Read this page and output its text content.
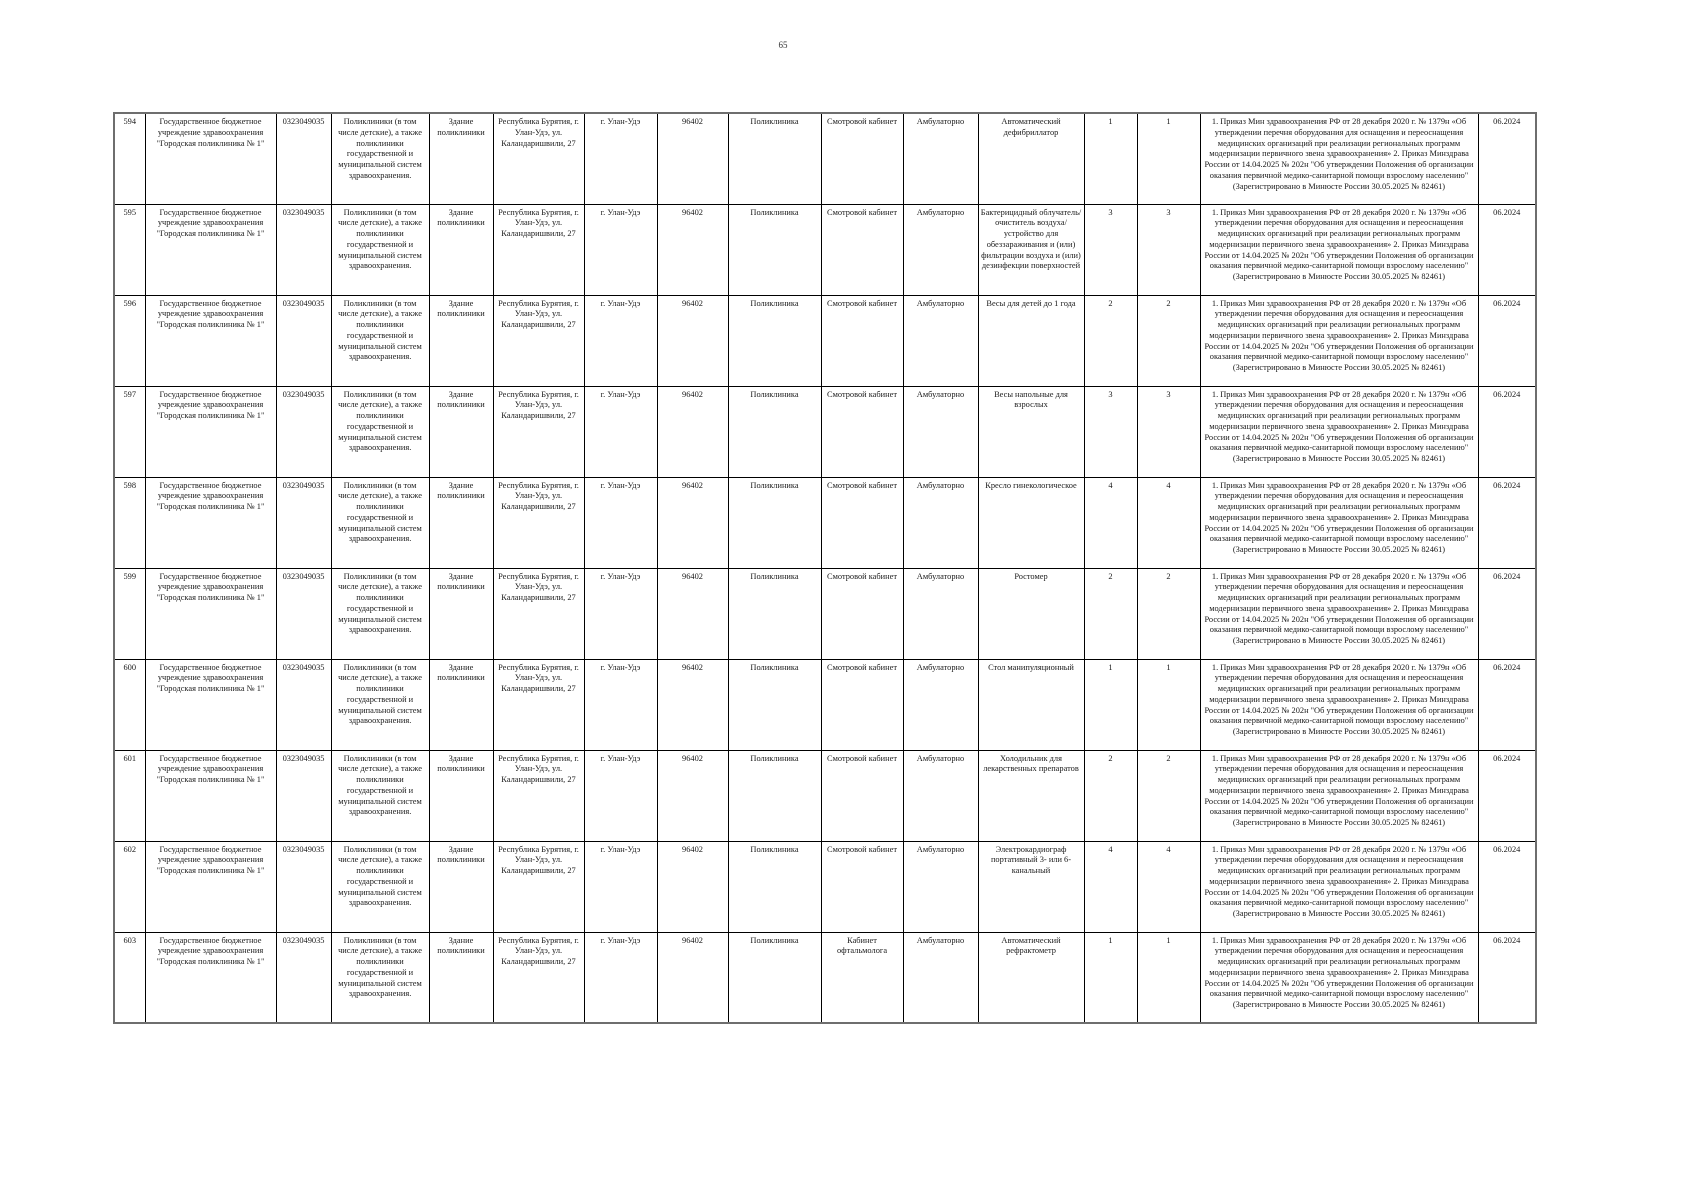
65
594	Государственное бюджетное учреждение здравоохранения "Городская поликлиника № 1"	0323049035	Поликлиники (в том числе детские), а также поликлиники государственной и муниципальной систем здравоохранения.	Здание поликлиники	Республика Бурятия, г. Улан-Удэ, ул. Каландаришвили, 27	г. Улан-Удэ	96402	Поликлиника	Смотровой кабинет	Амбулаторно	Автоматический дефибриллатор	1	1	1. Приказ Мин здравоохранения РФ от 28 декабря 2020 г. № 1379н «Об утверждении перечня оборудования для оснащения и переоснащения медицинских организаций при реализации региональных программ модернизации первичного звена здравоохранения» 2. Приказ Минздрава России от 14.04.2025 № 202н "Об утверждении Положения об организации оказания первичной медико-санитарной помощи взрослому населению" (Зарегистрировано в Минюсте России 30.05.2025 № 82461)	06.2024
595	Государственное бюджетное учреждение здравоохранения "Городская поликлиника № 1"	0323049035	Поликлиники (в том числе детские), а также поликлиники государственной и муниципальной систем здравоохранения.	Здание поликлиники	Республика Бурятия, г. Улан-Удэ, ул. Каландаришвили, 27	г. Улан-Удэ	96402	Поликлиника	Смотровой кабинет	Амбулаторно	Бактерицидный облучатель/очиститель воздуха/устройство для обеззараживания и (или) фильтрации воздуха и (или) дезинфекции поверхностей	3	3	1. Приказ Мин здравоохранения РФ от 28 декабря 2020 г. № 1379н «Об утверждении перечня оборудования для оснащения и переоснащения медицинских организаций при реализации региональных программ модернизации первичного звена здравоохранения» 2. Приказ Минздрава России от 14.04.2025 № 202н "Об утверждении Положения об организации оказания первичной медико-санитарной помощи взрослому населению" (Зарегистрировано в Минюсте России 30.05.2025 № 82461)	06.2024
596	Государственное бюджетное учреждение здравоохранения "Городская поликлиника № 1"	0323049035	Поликлиники (в том числе детские), а также поликлиники государственной и муниципальной систем здравоохранения.	Здание поликлиники	Республика Бурятия, г. Улан-Удэ, ул. Каландаришвили, 27	г. Улан-Удэ	96402	Поликлиника	Смотровой кабинет	Амбулаторно	Весы для детей до 1 года	2	2	1. Приказ Мин здравоохранения РФ от 28 декабря 2020 г. № 1379н «Об утверждении перечня оборудования для оснащения и переоснащения медицинских организаций при реализации региональных программ модернизации первичного звена здравоохранения» 2. Приказ Минздрава России от 14.04.2025 № 202н "Об утверждении Положения об организации оказания первичной медико-санитарной помощи взрослому населению" (Зарегистрировано в Минюсте России 30.05.2025 № 82461)	06.2024
597	Государственное бюджетное учреждение здравоохранения "Городская поликлиника № 1"	0323049035	Поликлиники (в том числе детские), а также поликлиники государственной и муниципальной систем здравоохранения.	Здание поликлиники	Республика Бурятия, г. Улан-Удэ, ул. Каландаришвили, 27	г. Улан-Удэ	96402	Поликлиника	Смотровой кабинет	Амбулаторно	Весы напольные для взрослых	3	3	1. Приказ Мин здравоохранения РФ от 28 декабря 2020 г. № 1379н «Об утверждении перечня оборудования для оснащения и переоснащения медицинских организаций при реализации региональных программ модернизации первичного звена здравоохранения» 2. Приказ Минздрава России от 14.04.2025 № 202н "Об утверждении Положения об организации оказания первичной медико-санитарной помощи взрослому населению" (Зарегистрировано в Минюсте России 30.05.2025 № 82461)	06.2024
598	Государственное бюджетное учреждение здравоохранения "Городская поликлиника № 1"	0323049035	Поликлиники (в том числе детские), а также поликлиники государственной и муниципальной систем здравоохранения.	Здание поликлиники	Республика Бурятия, г. Улан-Удэ, ул. Каландаришвили, 27	г. Улан-Удэ	96402	Поликлиника	Смотровой кабинет	Амбулаторно	Кресло гинекологическое	4	4	1. Приказ Мин здравоохранения РФ от 28 декабря 2020 г. № 1379н «Об утверждении перечня оборудования для оснащения и переоснащения медицинских организаций при реализации региональных программ модернизации первичного звена здравоохранения» 2. Приказ Минздрава России от 14.04.2025 № 202н "Об утверждении Положения об организации оказания первичной медико-санитарной помощи взрослому населению" (Зарегистрировано в Минюсте России 30.05.2025 № 82461)	06.2024
599	Государственное бюджетное учреждение здравоохранения "Городская поликлиника № 1"	0323049035	Поликлиники (в том числе детские), а также поликлиники государственной и муниципальной систем здравоохранения.	Здание поликлиники	Республика Бурятия, г. Улан-Удэ, ул. Каландаришвили, 27	г. Улан-Удэ	96402	Поликлиника	Смотровой кабинет	Амбулаторно	Ростомер	2	2	1. Приказ Мин здравоохранения РФ от 28 декабря 2020 г. № 1379н «Об утверждении перечня оборудования для оснащения и переоснащения медицинских организаций при реализации региональных программ модернизации первичного звена здравоохранения» 2. Приказ Минздрава России от 14.04.2025 № 202н "Об утверждении Положения об организации оказания первичной медико-санитарной помощи взрослому населению" (Зарегистрировано в Минюсте России 30.05.2025 № 82461)	06.2024
600	Государственное бюджетное учреждение здравоохранения "Городская поликлиника № 1"	0323049035	Поликлиники (в том числе детские), а также поликлиники государственной и муниципальной систем здравоохранения.	Здание поликлиники	Республика Бурятия, г. Улан-Удэ, ул. Каландаришвили, 27	г. Улан-Удэ	96402	Поликлиника	Смотровой кабинет	Амбулаторно	Стол манипуляционный	1	1	1. Приказ Мин здравоохранения РФ от 28 декабря 2020 г. № 1379н «Об утверждении перечня оборудования для оснащения и переоснащения медицинских организаций при реализации региональных программ модернизации первичного звена здравоохранения» 2. Приказ Минздрава России от 14.04.2025 № 202н "Об утверждении Положения об организации оказания первичной медико-санитарной помощи взрослому населению" (Зарегистрировано в Минюсте России 30.05.2025 № 82461)	06.2024
601	Государственное бюджетное учреждение здравоохранения "Городская поликлиника № 1"	0323049035	Поликлиники (в том числе детские), а также поликлиники государственной и муниципальной систем здравоохранения.	Здание поликлиники	Республика Бурятия, г. Улан-Удэ, ул. Каландаришвили, 27	г. Улан-Удэ	96402	Поликлиника	Смотровой кабинет	Амбулаторно	Холодильник для лекарственных препаратов	2	2	1. Приказ Мин здравоохранения РФ от 28 декабря 2020 г. № 1379н «Об утверждении перечня оборудования для оснащения и переоснащения медицинских организаций при реализации региональных программ модернизации первичного звена здравоохранения» 2. Приказ Минздрава России от 14.04.2025 № 202н "Об утверждении Положения об организации оказания первичной медико-санитарной помощи взрослому населению" (Зарегистрировано в Минюсте России 30.05.2025 № 82461)	06.2024
602	Государственное бюджетное учреждение здравоохранения "Городская поликлиника № 1"	0323049035	Поликлиники (в том числе детские), а также поликлиники государственной и муниципальной систем здравоохранения.	Здание поликлиники	Республика Бурятия, г. Улан-Удэ, ул. Каландаришвили, 27	г. Улан-Удэ	96402	Поликлиника	Смотровой кабинет	Амбулаторно	Электрокардиограф портативный 3- или 6-канальный	4	4	1. Приказ Мин здравоохранения РФ от 28 декабря 2020 г. № 1379н «Об утверждении перечня оборудования для оснащения и переоснащения медицинских организаций при реализации региональных программ модернизации первичного звена здравоохранения» 2. Приказ Минздрава России от 14.04.2025 № 202н "Об утверждении Положения об организации оказания первичной медико-санитарной помощи взрослому населению" (Зарегистрировано в Минюсте России 30.05.2025 № 82461)	06.2024
603	Государственное бюджетное учреждение здравоохранения "Городская поликлиника № 1"	0323049035	Поликлиники (в том числе детские), а также поликлиники государственной и муниципальной систем здравоохранения.	Здание поликлиники	Республика Бурятия, г. Улан-Удэ, ул. Каландаришвили, 27	г. Улан-Удэ	96402	Поликлиника	Кабинет офтальмолога	Амбулаторно	Автоматический рефрактометр	1	1	1. Приказ Мин здравоохранения РФ от 28 декабря 2020 г. № 1379н «Об утверждении перечня оборудования для оснащения и переоснащения медицинских организаций при реализации региональных программ модернизации первичного звена здравоохранения» 2. Приказ Минздрава России от 14.04.2025 № 202н "Об утверждении Положения об организации оказания первичной медико-санитарной помощи взрослому населению" (Зарегистрировано в Минюсте России 30.05.2025 № 82461)	06.2024
